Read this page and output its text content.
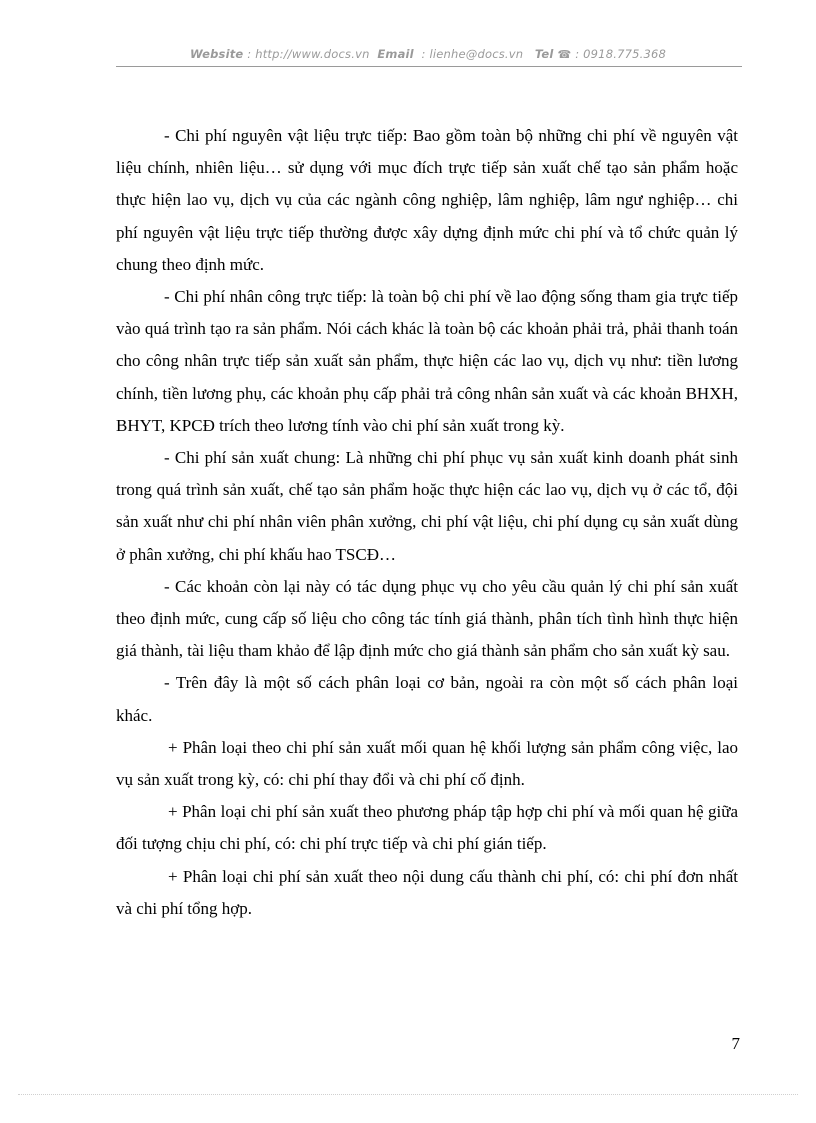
Website : http://www.docs.vn Email  : lienhe@docs.vn Tel ☎ : 0918.775.368

- Chi phí nguyên vật liệu trực tiếp: Bao gồm toàn bộ những chi phí về nguyên vật liệu chính, nhiên liệu… sử dụng với mục đích trực tiếp sản xuất chế tạo sản phẩm hoặc thực hiện lao vụ, dịch vụ của các ngành công nghiệp, lâm nghiệp, lâm ngư nghiệp… chi phí nguyên vật liệu trực tiếp thường được xây dựng định mức chi phí và tổ chức quản lý chung theo định mức.

- Chi phí nhân công trực tiếp: là toàn bộ chi phí về lao động sống tham gia trực tiếp vào quá trình tạo ra sản phẩm. Nói cách khác là toàn bộ các khoản phải trả, phải thanh toán cho công nhân trực tiếp sản xuất sản phẩm, thực hiện các lao vụ, dịch vụ như: tiền lương chính, tiền lương phụ, các khoản phụ cấp phải trả công nhân sản xuất và các khoản BHXH, BHYT, KPCĐ trích theo lương tính vào chi phí sản xuất trong kỳ.

- Chi phí sản xuất chung: Là những chi phí phục vụ sản xuất kinh doanh phát sinh trong quá trình sản xuất, chế tạo sản phẩm hoặc thực hiện các lao vụ, dịch vụ ở các tổ, đội sản xuất như chi phí nhân viên phân xưởng, chi phí vật liệu, chi phí dụng cụ sản xuất dùng ở phân xưởng, chi phí khấu hao TSCĐ…

- Các khoản còn lại này có tác dụng phục vụ cho yêu cầu quản lý chi phí sản xuất theo định mức, cung cấp số liệu cho công tác tính giá thành, phân tích tình hình thực hiện giá thành, tài liệu tham khảo để lập định mức cho giá thành sản phẩm cho sản xuất kỳ sau.

- Trên đây là một số cách phân loại cơ bản, ngoài ra còn một số cách phân loại khác.

+ Phân loại theo chi phí sản xuất mối quan hệ khối lượng sản phẩm công việc, lao vụ sản xuất trong kỳ, có: chi phí thay đổi và chi phí cố định.

+ Phân loại chi phí sản xuất theo phương pháp tập hợp chi phí và mối quan hệ giữa đối tượng chịu chi phí, có: chi phí trực tiếp và chi phí gián tiếp.

+ Phân loại chi phí sản xuất theo nội dung cấu thành chi phí, có: chi phí đơn nhất và chi phí tổng hợp.

7
